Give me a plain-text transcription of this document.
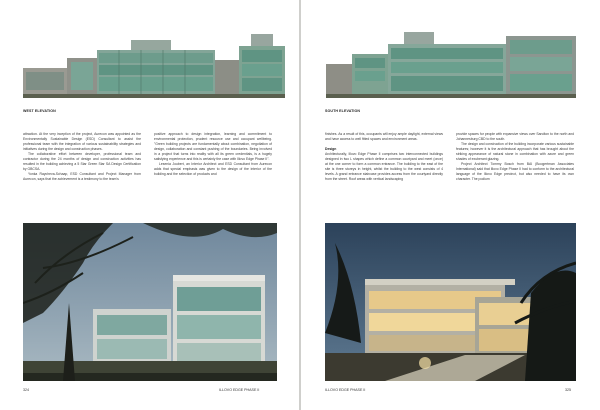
WEST ELEVATION

attraction. At the very inception of the project, Aurecon was appointed as the Environmentally Sustainable Design (ESD) Consultant to assist the professional team with the integration of various sustainability strategies and initiatives during the design and construction phases.

The collaborative effort between developer, professional team and contractor during the 24 months of design and construction activities has resulted in the building achieving a 5 Star Green Star SA Design Certification by GBCSA.

Yonka Raycheva-Schaap, ESD Consultant and Project Manager from Aurecon, says that the achievement is a testimony to the team's

positive approach to design integration, learning and commitment to environmental protection, prudent resource use and occupant wellbeing. "Green building projects are fundamentally about combination, negotiation of design, collaboration and constant pushing of the boundaries. Being involved in a project that turns into reality with all its green credentials, is a hugely satisfying experience and this is certainly the case with Illovo Edge Phase II".

Lesenia Joubert, an Interior Architect and ESD Consultant from Aurecon adds that special emphasis was given to the design of the interior of the building and the selection of products and

324	ILLOVO EDGE PHASE II
SOUTH ELEVATION

finishes. As a result of this, occupants will enjoy ample daylight, external views and have access to well fitted spaces and environment areas.

Design

Architecturally, Illovo Edge Phase II comprises two interconnected buildings designed in two L shapes which define a common courtyard and meet (once) at the one corner to form a common entrance. The building to the east of the site is three storeys in height, whilst the building to the west consists of 4 levels. A grand entrance staircase provides access from the courtyard directly from the street. Roof areas with vertical landscaping

provide spaces for people with expansive views over Sandton to the north and Johannesburg CBD to the south.

The design and construction of the building incorporate various sustainable features; however it is the architectural approach that has brought about the striking appearance of natural stone in combination with azure and green shades of exuberant glazing.

Project Architect Tommy Bosch from BAI (Boogertman Associates International) said that Illovo Edge Phase II had to conform to the architectural language of the Illovo Edge precinct, but also needed to have its own character. The podium

ILLOVO EDGE PHASE II	325
